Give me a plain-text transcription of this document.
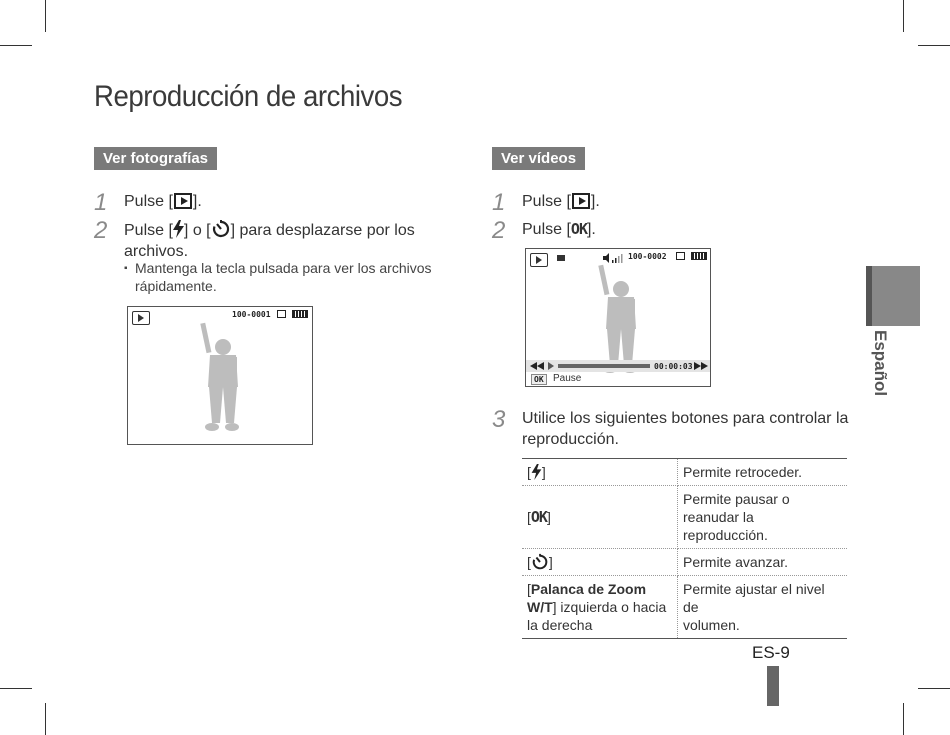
Reproducción de archivos
Ver fotografías
1 Pulse [ ].
2 Pulse [ ] o [ ] para desplazarse por los
archivos.
▪ Mantenga la tecla pulsada para ver los archivos
rápidamente.
100-0001
Ver vídeos
1 Pulse [ ].
2 Pulse [OK].
100-0002
00:00:03
OK Pause
3 Utilice los siguientes botones para controlar la
reproducción.
[ ]	Permite retroceder.
[OK]	Permite pausar o
reanudar la reproducción.
[ ]	Permite avanzar.
[Palanca de Zoom
W/T] izquierda o hacia
la derecha	Permite ajustar el nivel de
volumen.
Español
ES-9
